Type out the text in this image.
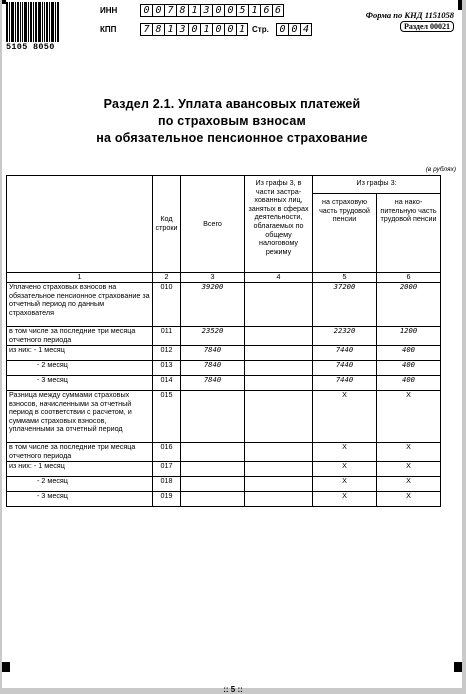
5105 8050
ИНН	0 0 7 8 1 3 0 0 5 1 6 6
КПП	7 8 1 3 0 1 0 0 1 Стр.	0 0 4
Форма по КНД 1151058
Раздел 00021
Раздел 2.1. Уплата авансовых платежей
по страховым взносам
на обязательное пенсионное страхование
(в рублях)
	Код строки	Всего	Из графы 3, в части застра-хованных лиц, занятых в сферах деятельности, облагаемых по общему налоговому режиму	Из графы 3:	
				на страховую часть трудовой пенсии	на нако-пительную часть трудовой пенсии
1	2	3	4	5	6
Уплачено страховых взносов на обязательное пенсионное страхование за отчетный период по данным страхователя	010	39200		37200	2000
в том числе за последние три месяца отчетного периода	011	23520		22320	1200
из них: - 1 месяц	012	7840		7440	400
- 2 месяц	013	7840		7440	400
- 3 месяц	014	7840		7440	400
Разница между суммами страховых взносов, начисленными за отчетный период в соответствии с расчетом, и суммами страховых взносов, уплаченными за отчетный период	015			X	X
в том числе за последние три месяца отчетного периода	016			X	X
из них: - 1 месяц	017			X	X
- 2 месяц	018			X	X
- 3 месяц	019			X	X
:: 5 ::
